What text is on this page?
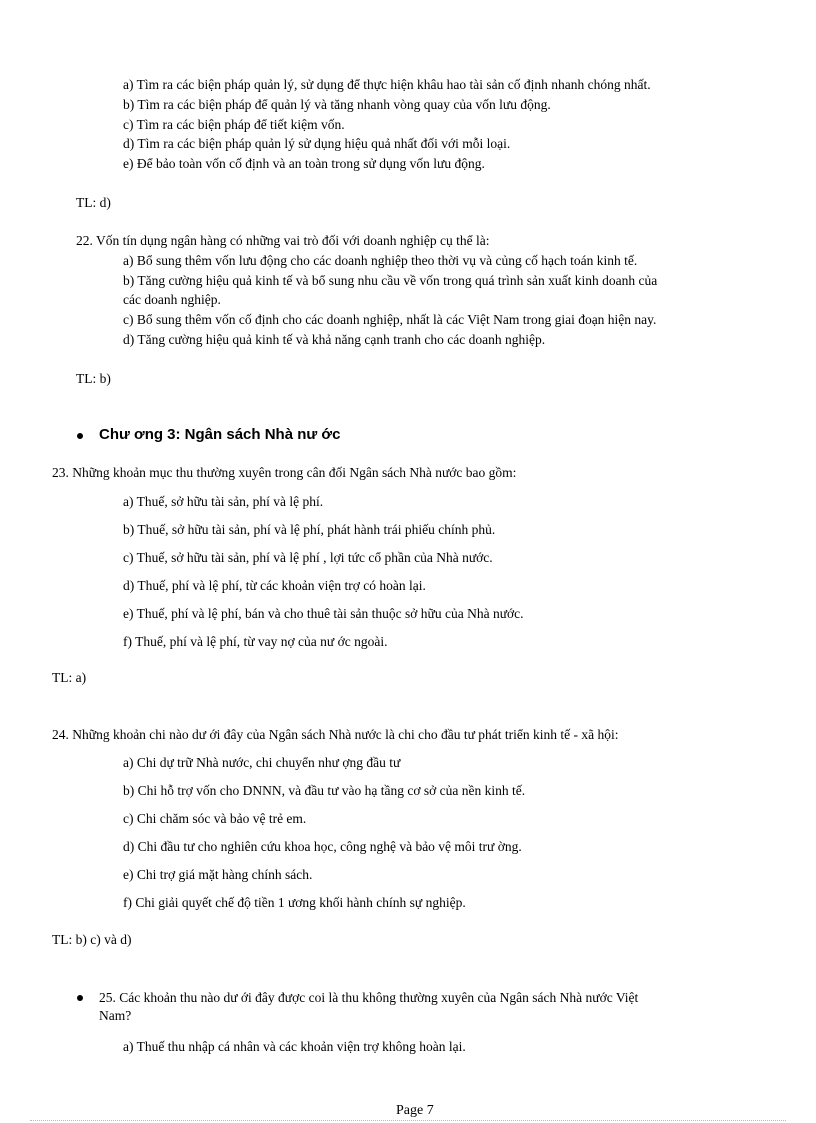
a) Tìm ra các biện pháp quản lý, sử dụng để thực hiện khâu hao tài sản cố định nhanh chóng nhất.
b) Tìm ra các biện pháp để quản lý và tăng nhanh vòng quay của vốn lưu động.
c) Tìm ra các biện pháp để tiết kiệm vốn.
d) Tìm ra các biện pháp quản lý sử dụng hiệu quả nhất đối với mỗi loại.
e) Để bảo toàn vốn cố định và an toàn trong sử dụng vốn lưu động.
TL: d)
22. Vốn tín dụng ngân hàng có những vai trò đối với doanh nghiệp cụ thể là:
a) Bổ sung thêm vốn lưu động cho các doanh nghiệp theo thời vụ và củng cố hạch toán kinh tế.
b) Tăng cường hiệu quả kinh tế và bổ sung nhu cầu về vốn trong quá trình sản xuất kinh doanh của
các doanh nghiệp.
c) Bổ sung thêm vốn cố định cho các doanh nghiệp, nhất là các Việt Nam trong giai đoạn hiện nay.
d) Tăng cường hiệu quả kinh tế và khả năng cạnh tranh cho các doanh nghiệp.
TL: b)
Chư ơng 3: Ngân sách Nhà nư ớc
23. Những khoản mục thu thường xuyên trong cân đối Ngân sách Nhà nước bao gồm:
a) Thuế, sở hữu tài sản, phí và lệ phí.
b) Thuế, sở hữu tài sản, phí và lệ phí, phát hành trái phiếu chính phủ.
c) Thuế, sở hữu tài sản, phí và lệ phí , lợi tức cổ phần của Nhà nước.
d) Thuế, phí và lệ phí, từ các khoản viện trợ có hoàn lại.
e) Thuế, phí và lệ phí, bán và cho thuê tài sản thuộc sở hữu của Nhà nước.
f) Thuế, phí và lệ phí, từ vay nợ của nư ớc ngoài.
TL: a)
24. Những khoản chi nào dư ới đây của Ngân sách Nhà nước là chi cho đầu tư phát triển kinh tế - xã hội:
a) Chi dự trữ Nhà nước, chi chuyển như ợng đầu tư
b) Chi hỗ trợ vốn cho DNNN, và đầu tư vào hạ tầng cơ sở của nền kinh tế.
c) Chi chăm sóc và bảo vệ trẻ em.
d) Chi đầu tư cho nghiên cứu khoa học, công nghệ và bảo vệ môi trư ờng.
e) Chi trợ giá mặt hàng chính sách.
f) Chi giải quyết chế độ tiền 1 ương khối hành chính sự nghiệp.
TL: b) c) và d)
25. Các khoản thu nào dư ới đây được coi là thu không thường xuyên của Ngân sách Nhà nước Việt
Nam?
a) Thuế thu nhập cá nhân và các khoản viện trợ không hoàn lại.
Page 7
